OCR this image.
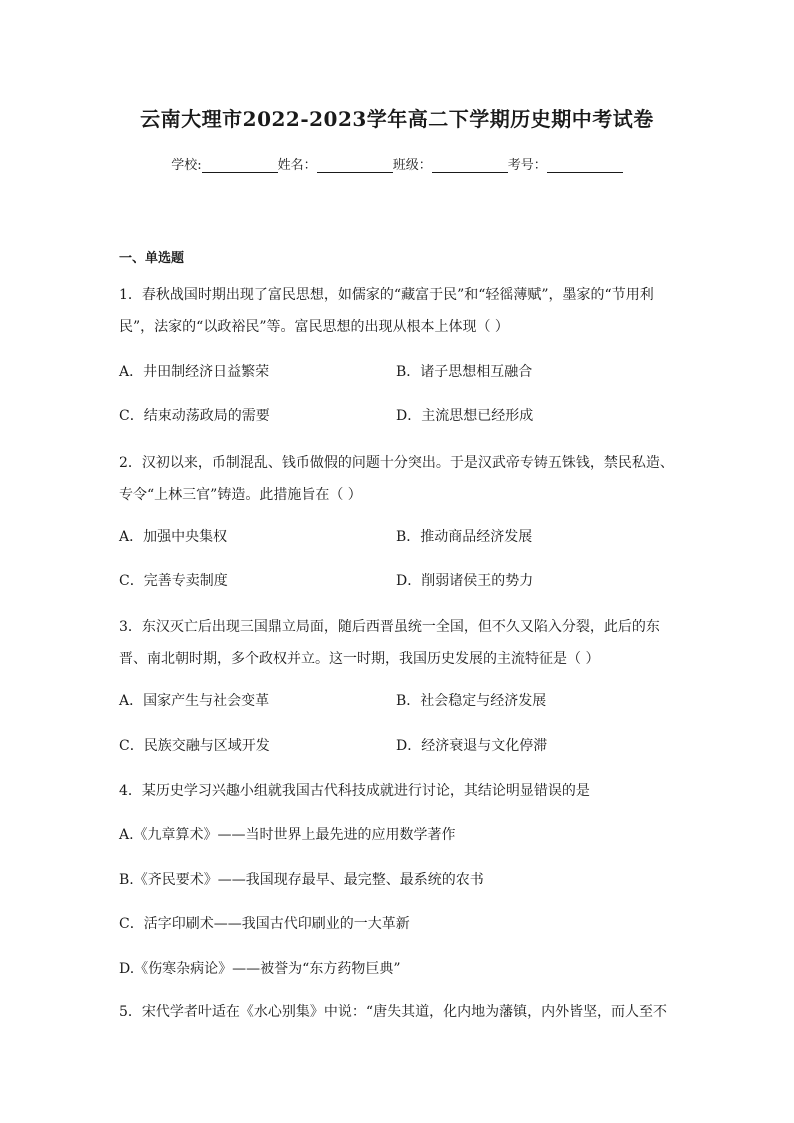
云南大理市2022-2023学年高二下学期历史期中考试卷
学校:	姓名：	班级：	考号：
一、单选题
1．春秋战国时期出现了富民思想，如儒家的“藏富于民”和“轻徭薄赋”，墨家的“节用利
民”，法家的“以政裕民”等。富民思想的出现从根本上体现（ ）
A．井田制经济日益繁荣	B．诸子思想相互融合
C．结束动荡政局的需要	D．主流思想已经形成
2．汉初以来，币制混乱、钱币做假的问题十分突出。于是汉武帝专铸五铢钱，禁民私造、
专令“上林三官”铸造。此措施旨在（ ）
A．加强中央集权	B．推动商品经济发展
C．完善专卖制度	D．削弱诸侯王的势力
3．东汉灭亡后出现三国鼎立局面，随后西晋虽统一全国，但不久又陷入分裂，此后的东
晋、南北朝时期，多个政权并立。这一时期，我国历史发展的主流特征是（ ）
A．国家产生与社会变革	B．社会稳定与经济发展
C．民族交融与区域开发	D．经济衰退与文化停滞
4．某历史学习兴趣小组就我国古代科技成就进行讨论，其结论明显错误的是
A.《九章算术》——当时世界上最先进的应用数学著作
B.《齐民要术》——我国现存最早、最完整、最系统的农书
C．活字印刷术——我国古代印刷业的一大革新
D.《伤寒杂病论》——被誉为“东方药物巨典”
5．宋代学者叶适在《水心别集》中说：“唐失其道，化内地为藩镇，内外皆坚，而人至不
